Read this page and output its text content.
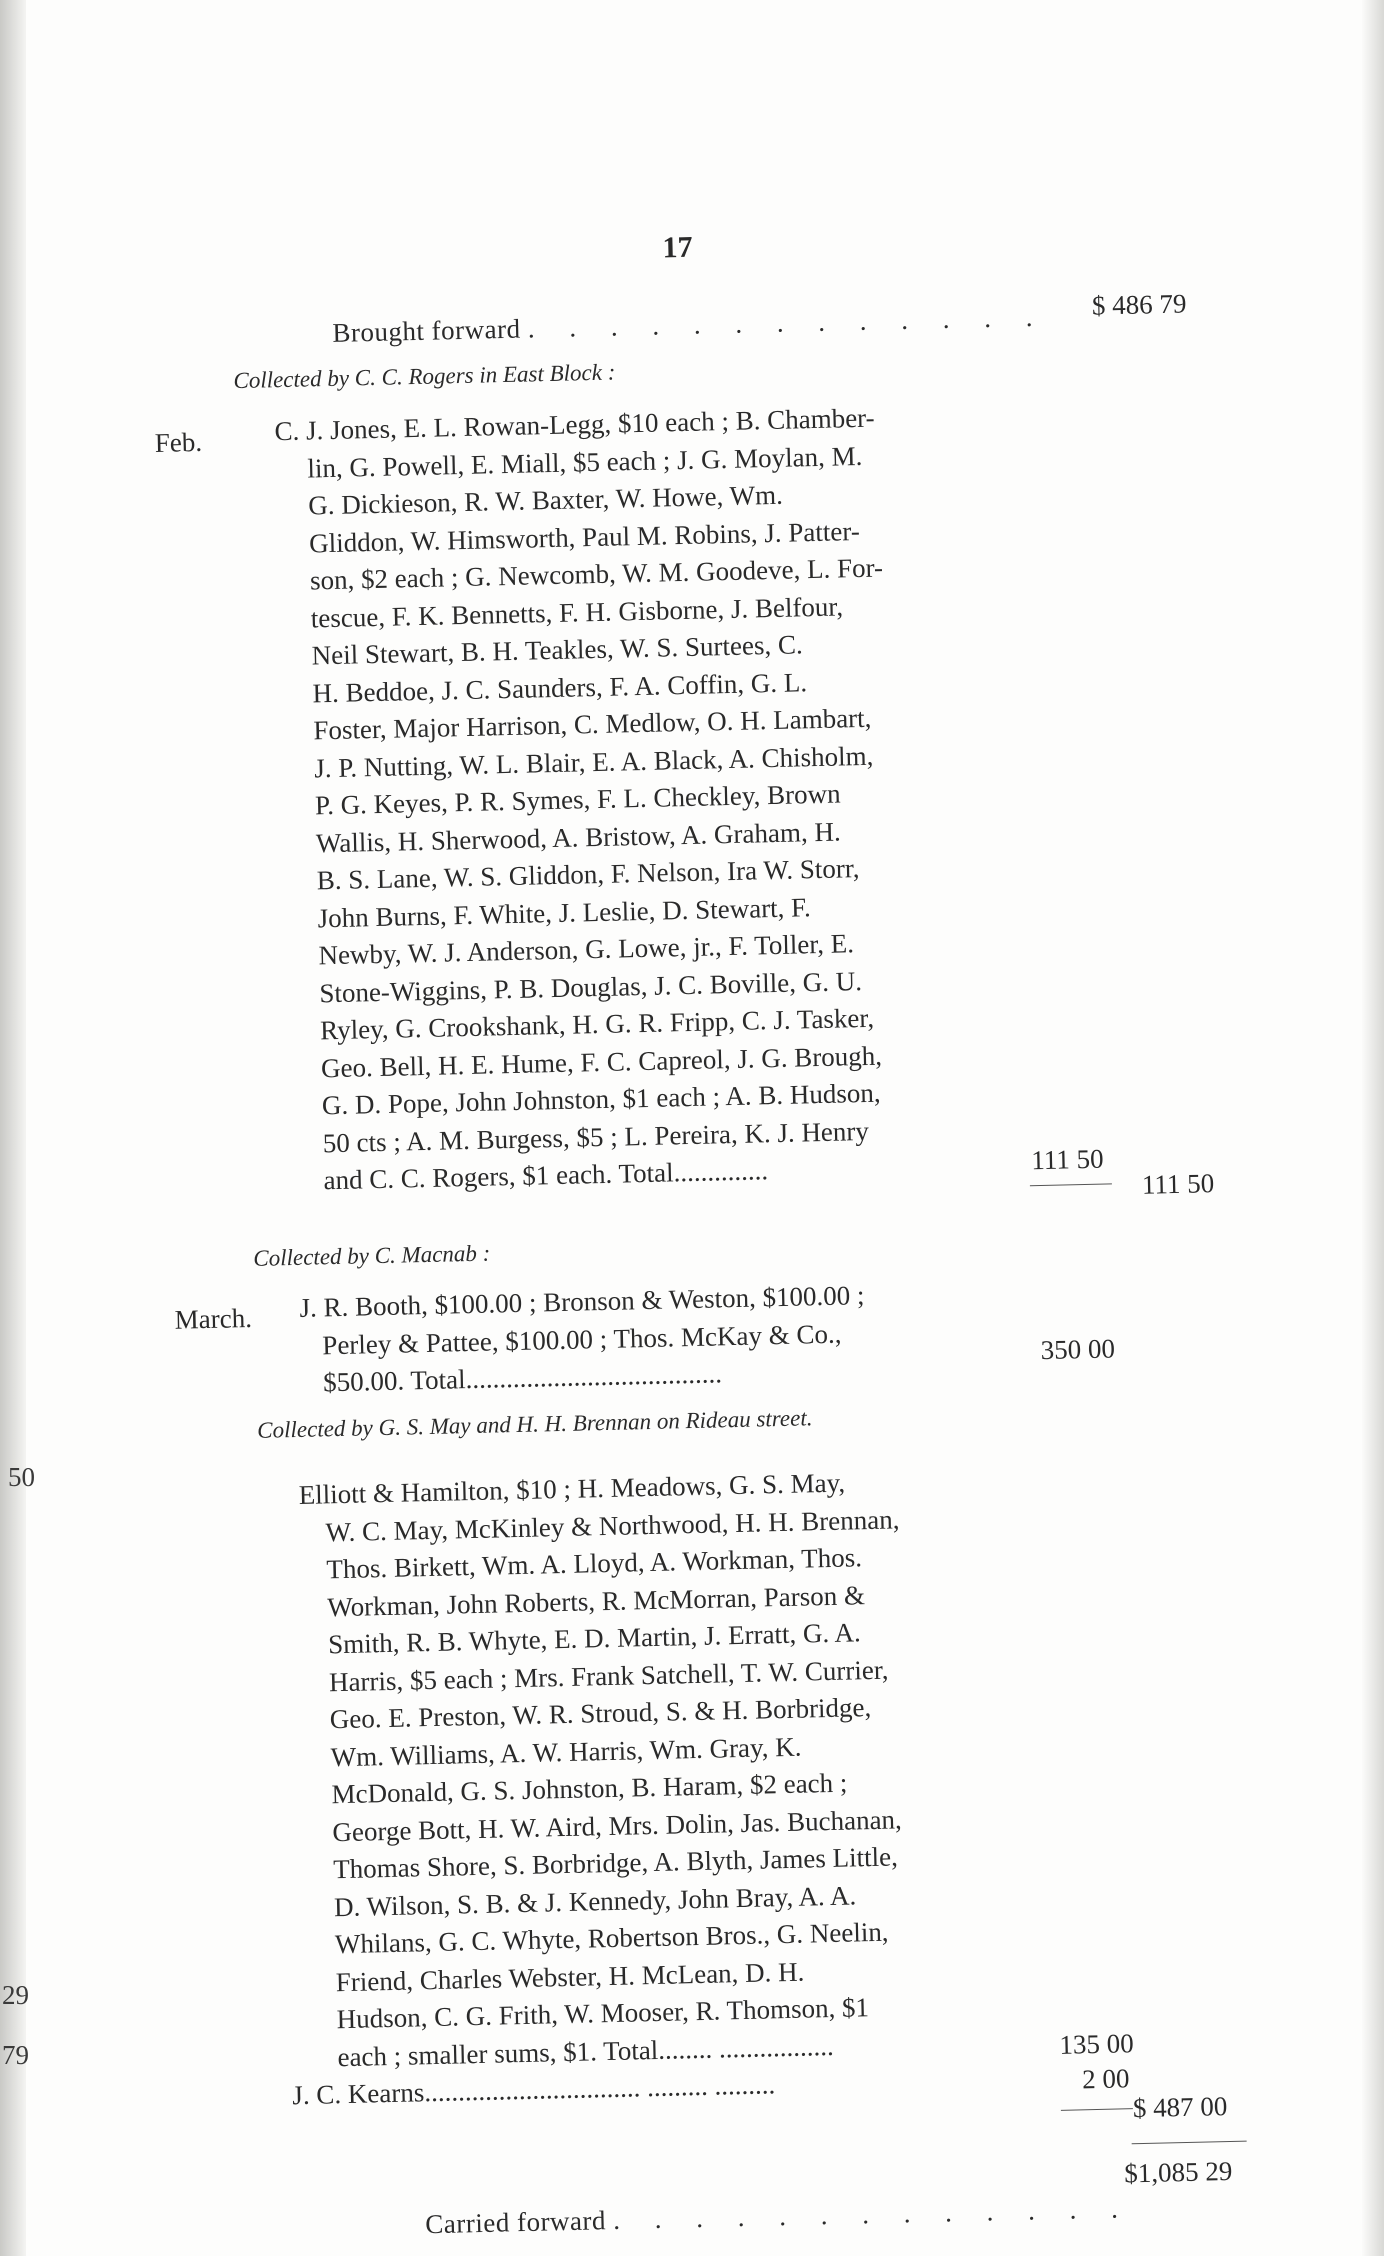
50
29
79
17
Brought forward . . . . . . . . . . . . . $ 486 79
Collected by C. C. Rogers in East Block :
Feb.	C. J. Jones, E. L. Rowan-Legg, $10 each ; B. Chamber-
lin, G. Powell, E. Miall, $5 each ; J. G. Moylan, M.
G. Dickieson, R. W. Baxter, W. Howe, Wm.
Gliddon, W. Himsworth, Paul M. Robins, J. Patter-
son, $2 each ; G. Newcomb, W. M. Goodeve, L. For-
tescue, F. K. Bennetts, F. H. Gisborne, J. Belfour,
Neil Stewart, B. H. Teakles, W. S. Surtees, C.
H. Beddoe, J. C. Saunders, F. A. Coffin, G. L.
Foster, Major Harrison, C. Medlow, O. H. Lambart,
J. P. Nutting, W. L. Blair, E. A. Black, A. Chisholm,
P. G. Keyes, P. R. Symes, F. L. Checkley, Brown
Wallis, H. Sherwood, A. Bristow, A. Graham, H.
B. S. Lane, W. S. Gliddon, F. Nelson, Ira W. Storr,
John Burns, F. White, J. Leslie, D. Stewart, F.
Newby, W. J. Anderson, G. Lowe, jr., F. Toller, E.
Stone-Wiggins, P. B. Douglas, J. C. Boville, G. U.
Ryley, G. Crookshank, H. G. R. Fripp, C. J. Tasker,
Geo. Bell, H. E. Hume, F. C. Capreol, J. G. Brough,
G. D. Pope, John Johnston, $1 each ; A. B. Hudson,
50 cts ; A. M. Burgess, $5 ; L. Pereira, K. J. Henry
and C. C. Rogers, $1 each. Total..............	111 50
111 50
Collected by C. Macnab :
March. J. R. Booth, $100.00 ; Bronson & Weston, $100.00 ;
Perley & Pattee, $100.00 ; Thos. McKay & Co.,
$50.00. Total......................................
350 00
Collected by G. S. May and H. H. Brennan on Rideau street.
Elliott & Hamilton, $10 ; H. Meadows, G. S. May,
W. C. May, McKinley & Northwood, H. H. Brennan,
Thos. Birkett, Wm. A. Lloyd, A. Workman, Thos.
Workman, John Roberts, R. McMorran, Parson &
Smith, R. B. Whyte, E. D. Martin, J. Erratt, G. A.
Harris, $5 each ; Mrs. Frank Satchell, T. W. Currier,
Geo. E. Preston, W. R. Stroud, S. & H. Borbridge,
Wm. Williams, A. W. Harris, Wm. Gray, K.
McDonald, G. S. Johnston, B. Haram, $2 each ;
George Bott, H. W. Aird, Mrs. Dolin, Jas. Buchanan,
Thomas Shore, S. Borbridge, A. Blyth, James Little,
D. Wilson, S. B. & J. Kennedy, John Bray, A. A.
Whilans, G. C. Whyte, Robertson Bros., G. Neelin,
Friend, Charles Webster, H. McLean, D. H.
Hudson, C. G. Frith, W. Mooser, R. Thomson, $1
each ; smaller sums, $1. Total........ .................
J. C. Kearns................................ ......... .........
135 00
2 00
$ 487 00
$1,085 29
Carried forward . . . . . . . . . . . . .
